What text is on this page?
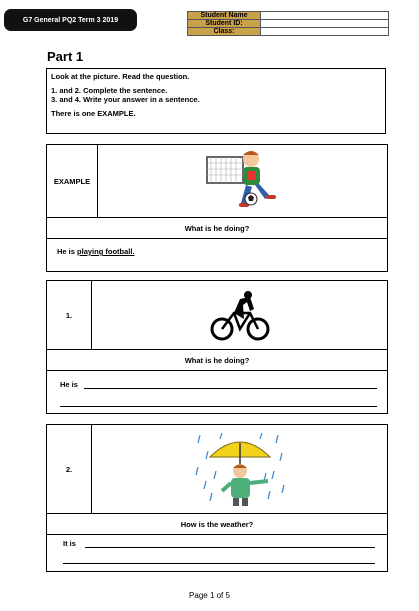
G7 General PQ2 Term 3 2019
Student Name	
Student ID:	
Class:	
Part 1
Look at the picture. Read the question.
1. and 2. Complete the sentence.
3. and 4. Write your answer in a sentence.
There is one EXAMPLE.
EXAMPLE
What is he doing?
He is playing football.
1.
What is he doing?
He is
2.
How is the weather?
It is
Page 1 of 5
